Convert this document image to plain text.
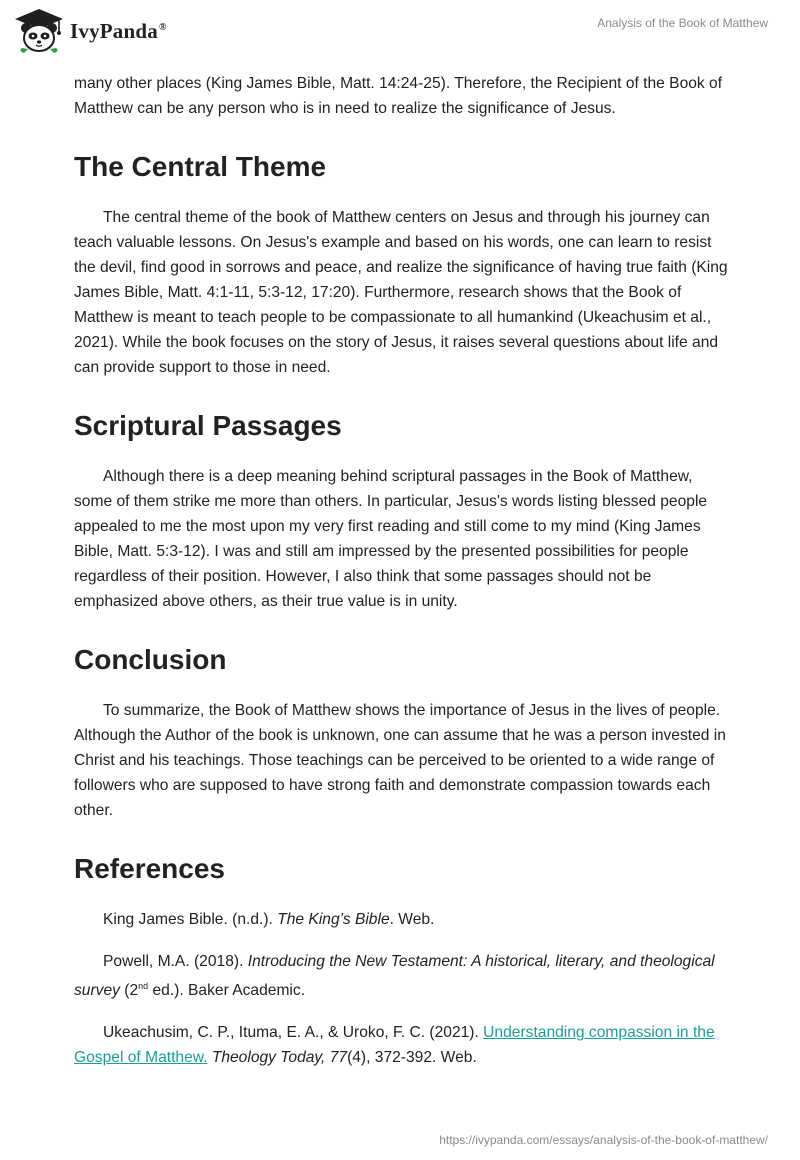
IvyPanda®	Analysis of the Book of Matthew

many other places (King James Bible, Matt. 14:24-25). Therefore, the Recipient of the Book of Matthew can be any person who is in need to realize the significance of Jesus.

The Central Theme

The central theme of the book of Matthew centers on Jesus and through his journey can teach valuable lessons. On Jesus's example and based on his words, one can learn to resist the devil, find good in sorrows and peace, and realize the significance of having true faith (King James Bible, Matt. 4:1-11, 5:3-12, 17:20). Furthermore, research shows that the Book of Matthew is meant to teach people to be compassionate to all humankind (Ukeachusim et al., 2021). While the book focuses on the story of Jesus, it raises several questions about life and can provide support to those in need.

Scriptural Passages

Although there is a deep meaning behind scriptural passages in the Book of Matthew, some of them strike me more than others. In particular, Jesus's words listing blessed people appealed to me the most upon my very first reading and still come to my mind (King James Bible, Matt. 5:3-12). I was and still am impressed by the presented possibilities for people regardless of their position. However, I also think that some passages should not be emphasized above others, as their true value is in unity.

Conclusion

To summarize, the Book of Matthew shows the importance of Jesus in the lives of people. Although the Author of the book is unknown, one can assume that he was a person invested in Christ and his teachings. Those teachings can be perceived to be oriented to a wide range of followers who are supposed to have strong faith and demonstrate compassion towards each other.

References

King James Bible. (n.d.). The King’s Bible. Web.

Powell, M.A. (2018). Introducing the New Testament: A historical, literary, and theological survey (2nd ed.). Baker Academic.

Ukeachusim, C. P., Ituma, E. A., & Uroko, F. C. (2021). Understanding compassion in the Gospel of Matthew. Theology Today, 77(4), 372-392. Web.

https://ivypanda.com/essays/analysis-of-the-book-of-matthew/
